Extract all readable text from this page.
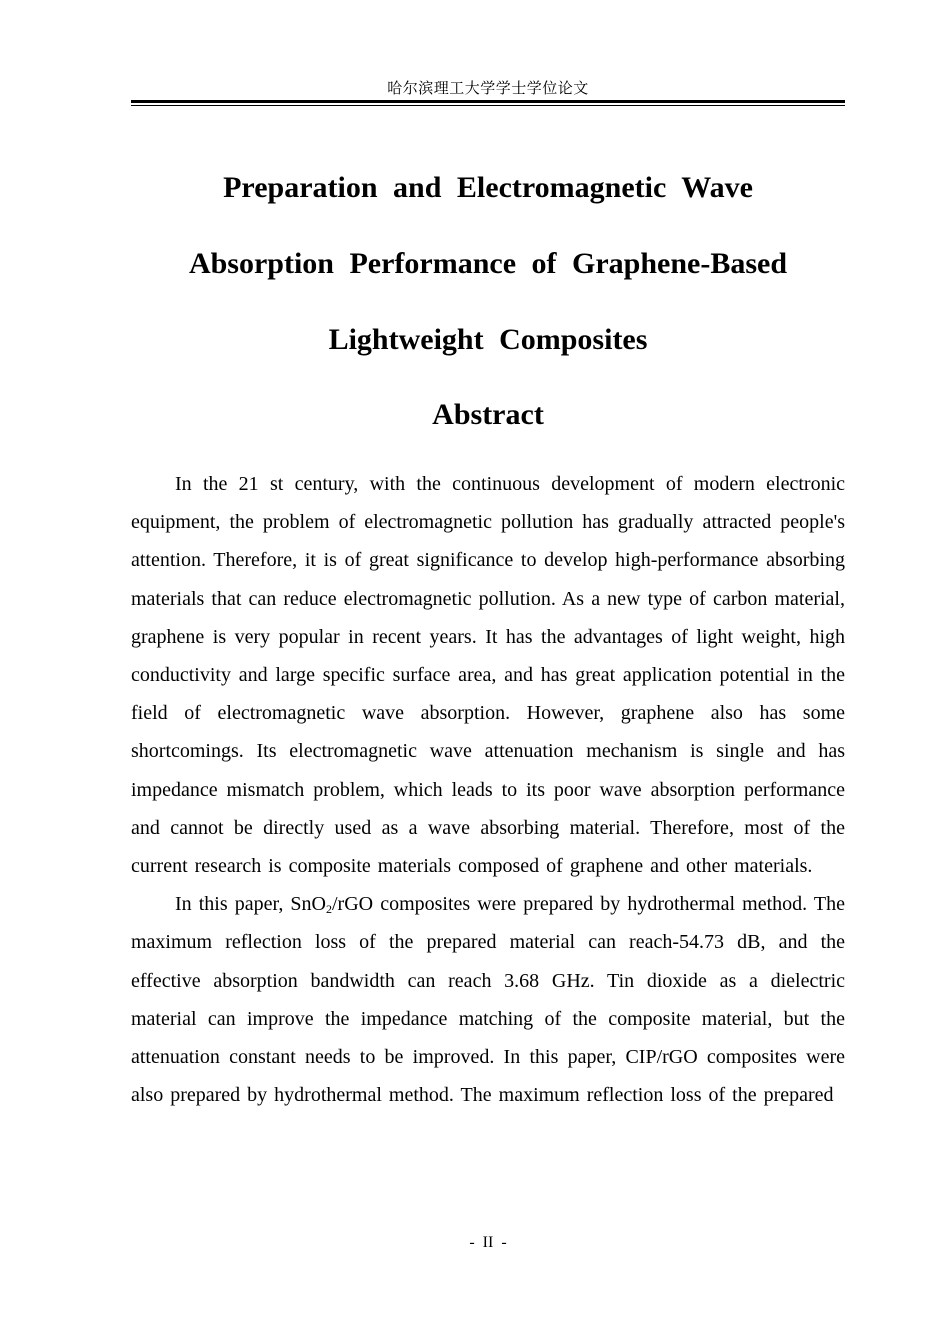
哈尔滨理工大学学士学位论文
Preparation and Electromagnetic Wave
Absorption Performance of Graphene-Based
Lightweight Composites
Abstract

In the 21 st century, with the continuous development of modern electronic equipment, the problem of electromagnetic pollution has gradually attracted people's attention. Therefore, it is of great significance to develop high-performance absorbing materials that can reduce electromagnetic pollution. As a new type of carbon material, graphene is very popular in recent years. It has the advantages of light weight, high conductivity and large specific surface area, and has great application potential in the field of electromagnetic wave absorption. However, graphene also has some shortcomings. Its electromagnetic wave attenuation mechanism is single and has impedance mismatch problem, which leads to its poor wave absorption performance and cannot be directly used as a wave absorbing material. Therefore, most of the current research is composite materials composed of graphene and other materials.

In this paper, SnO$_2$/rGO composites were prepared by hydrothermal method. The maximum reflection loss of the prepared material can reach-54.73 dB, and the effective absorption bandwidth can reach 3.68 GHz. Tin dioxide as a dielectric material can improve the impedance matching of the composite material, but the attenuation constant needs to be improved. In this paper, CIP/rGO composites were also prepared by hydrothermal method. The maximum reflection loss of the prepared

- II -
